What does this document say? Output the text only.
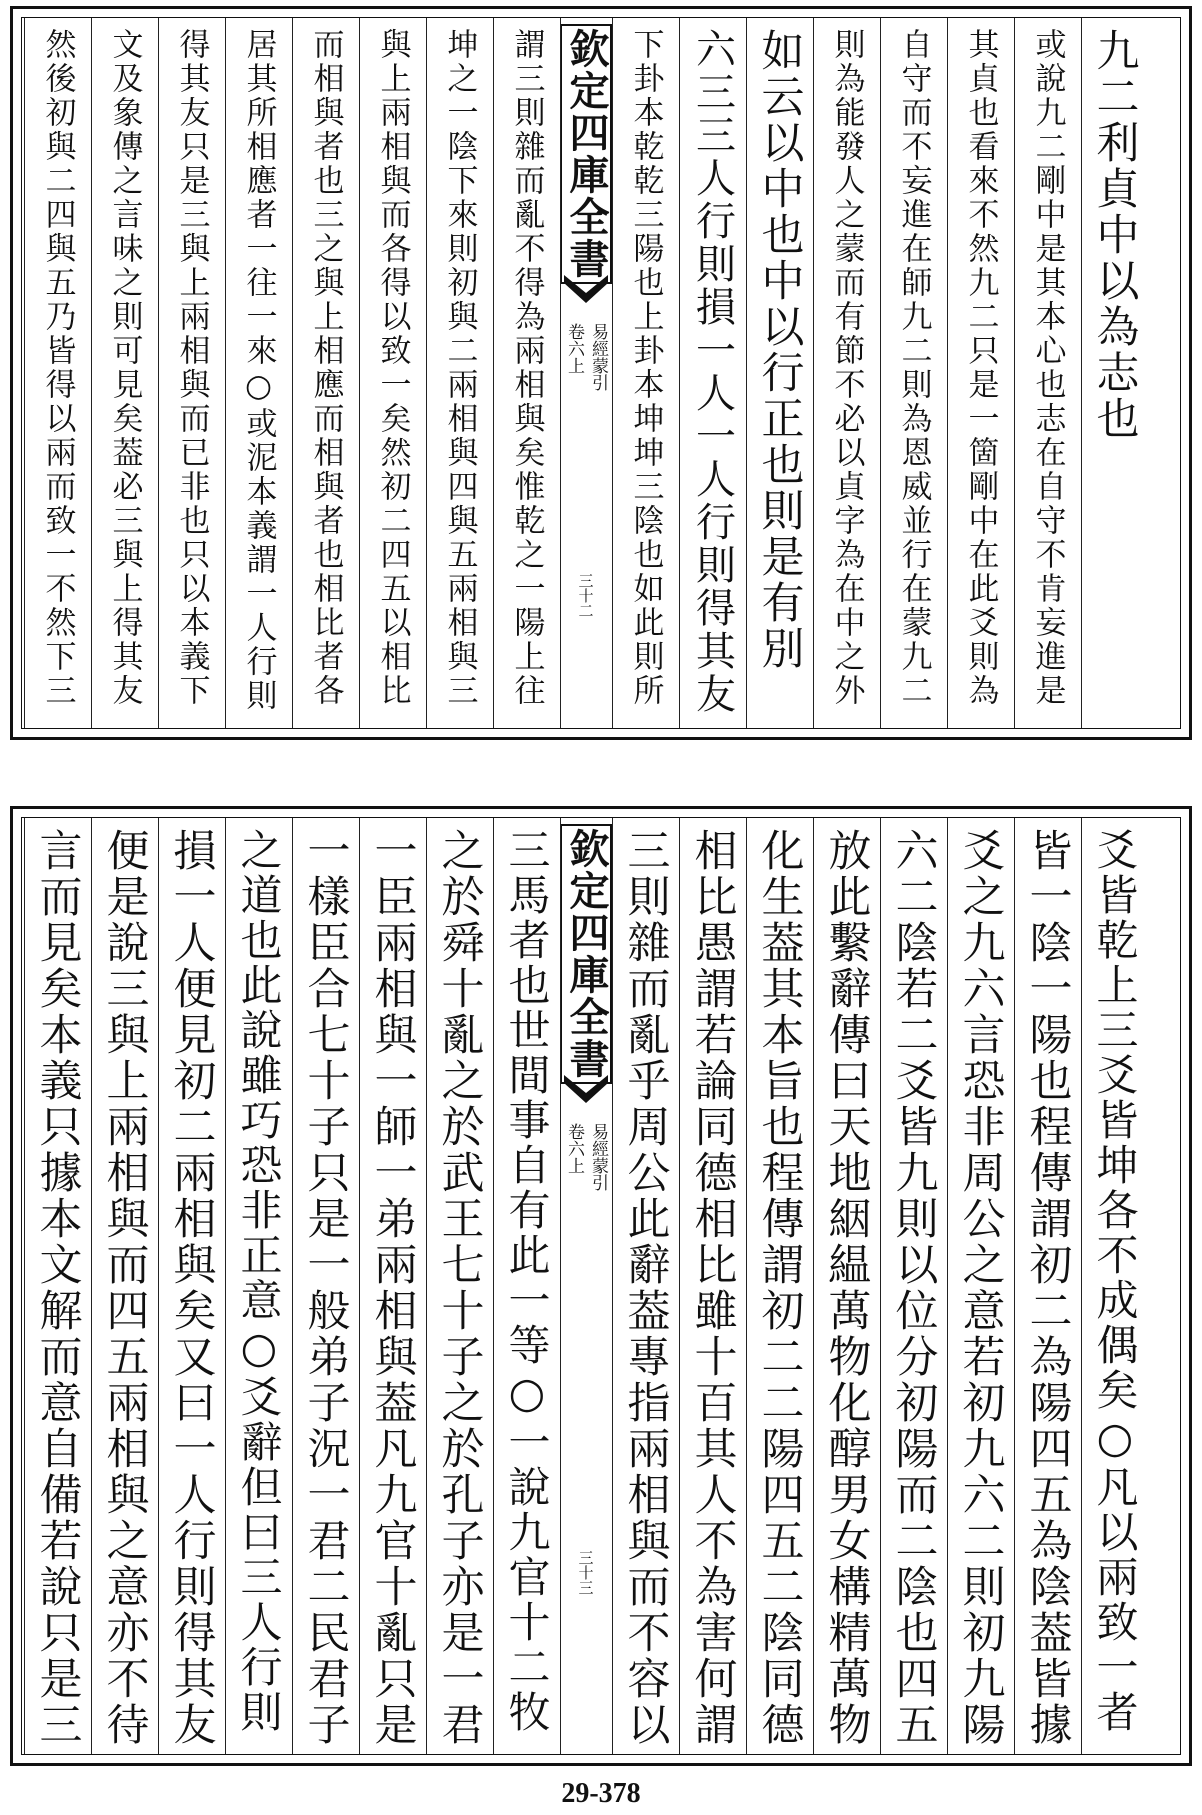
九二利貞中以為志也
或說九二剛中是其本心也志在自守不肯妄進是
其貞也看來不然九二只是一箇剛中在此爻則為
自守而不妄進在師九二則為恩威並行在蒙九二
則為能發人之蒙而有節不必以貞字為在中之外
如云以中也中以行正也則是有別
六三三人行則損一人一人行則得其友
下卦本乾乾三陽也上卦本坤坤三陰也如此則所
謂三則雜而亂不得為兩相與矣惟乾之一陽上往
坤之一陰下來則初與二兩相與四與五兩相與三
與上兩相與而各得以致一矣然初二四五以相比
而相與者也三之與上相應而相與者也相比者各
居其所相應者一往一來○或泥本義謂一人行則
得其友只是三與上兩相與而已非也只以本義下
文及象傳之言味之則可見矣葢必三與上得其友
然後初與二四與五乃皆得以兩而致一不然下三	欽定四庫全書
易經蒙引
卷六上
三十二
爻皆乾上三爻皆坤各不成偶矣○凡以兩致一者
皆一陰一陽也程傳謂初二為陽四五為陰葢皆據
爻之九六言恐非周公之意若初九六二則初九陽
六二陰若二爻皆九則以位分初陽而二陰也四五
放此繫辭傳曰天地絪緼萬物化醇男女構精萬物
化生葢其本旨也程傳謂初二二陽四五二陰同德
相比愚謂若論同德相比雖十百其人不為害何謂
三則雜而亂乎周公此辭葢專指兩相與而不容以
三馬者也世間事自有此一等○一說九官十二牧
之於舜十亂之於武王七十子之於孔子亦是一君
一臣兩相與一師一弟兩相與葢凡九官十亂只是
一樣臣合七十子只是一般弟子況一君二民君子
之道也此說雖巧恐非正意○爻辭但曰三人行則
損一人便見初二兩相與矣又曰一人行則得其友
便是說三與上兩相與而四五兩相與之意亦不待
言而見矣本義只據本文解而意自備若說只是三	欽定四庫全書
易經蒙引
卷六上
三十三
29-378
